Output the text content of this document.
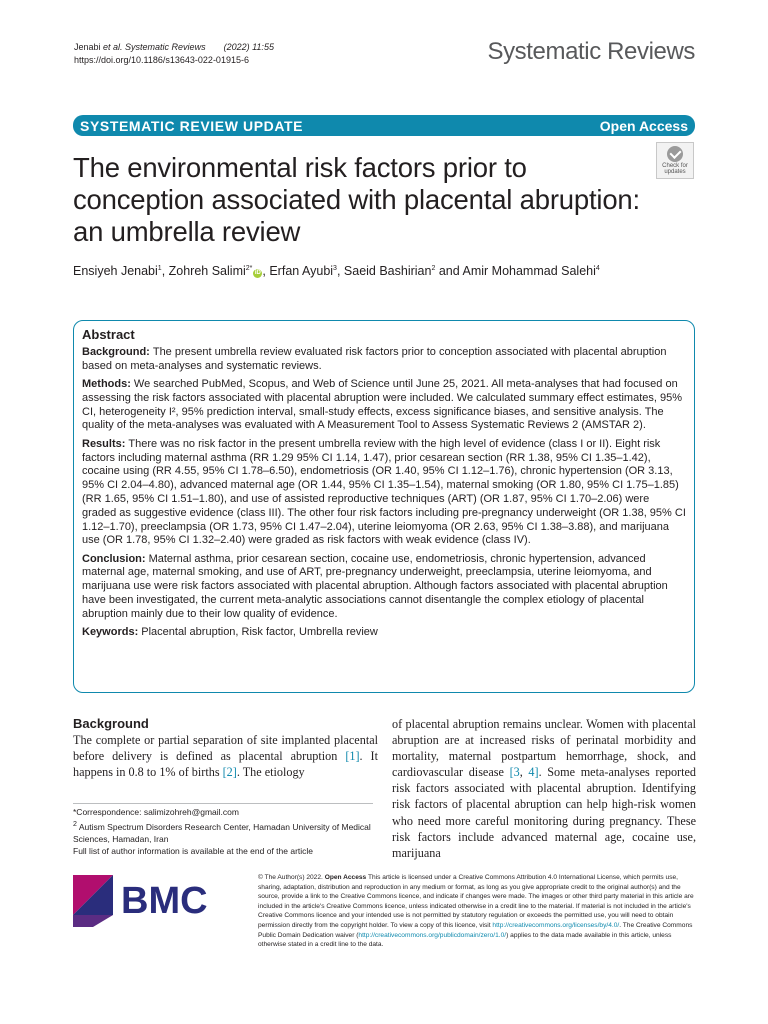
Jenabi et al. Systematic Reviews (2022) 11:55
https://doi.org/10.1186/s13643-022-01915-6	Systematic Reviews
SYSTEMATIC REVIEW UPDATE	Open Access
Check for
updates
The environmental risk factors prior to conception associated with placental abruption: an umbrella review
Ensiyeh Jenabi$^1$, Zohreh Salimi$^{2*}$iD , Erfan Ayubi$^3$, Saeid Bashirian$^2$ and Amir Mohammad Salehi$^4$
Abstract

Background: The present umbrella review evaluated risk factors prior to conception associated with placental abruption based on meta-analyses and systematic reviews.

Methods: We searched PubMed, Scopus, and Web of Science until June 25, 2021. All meta-analyses that had focused on assessing the risk factors associated with placental abruption were included. We calculated summary effect estimates, 95% CI, heterogeneity I², 95% prediction interval, small-study effects, excess significance biases, and sensitive analysis. The quality of the meta-analyses was evaluated with A Measurement Tool to Assess Systematic Reviews 2 (AMSTAR 2).

Results: There was no risk factor in the present umbrella review with the high level of evidence (class I or II). Eight risk factors including maternal asthma (RR 1.29 95% CI 1.14, 1.47), prior cesarean section (RR 1.38, 95% CI 1.35–1.42), cocaine using (RR 4.55, 95% CI 1.78–6.50), endometriosis (OR 1.40, 95% CI 1.12–1.76), chronic hypertension (OR 3.13, 95% CI 2.04–4.80), advanced maternal age (OR 1.44, 95% CI 1.35–1.54), maternal smoking (OR 1.80, 95% CI 1.75–1.85) (RR 1.65, 95% CI 1.51–1.80), and use of assisted reproductive techniques (ART) (OR 1.87, 95% CI 1.70–2.06) were graded as suggestive evidence (class III). The other four risk factors including pre-pregnancy underweight (OR 1.38, 95% CI 1.12–1.70), preeclampsia (OR 1.73, 95% CI 1.47–2.04), uterine leiomyoma (OR 2.63, 95% CI 1.38–3.88), and marijuana use (OR 1.78, 95% CI 1.32–2.40) were graded as risk factors with weak evidence (class IV).

Conclusion: Maternal asthma, prior cesarean section, cocaine use, endometriosis, chronic hypertension, advanced maternal age, maternal smoking, and use of ART, pre-pregnancy underweight, preeclampsia, uterine leiomyoma, and marijuana use were risk factors associated with placental abruption. Although factors associated with placental abruption have been investigated, the current meta-analytic associations cannot disentangle the complex etiology of placental abruption mainly due to their low quality of evidence.

Keywords: Placental abruption, Risk factor, Umbrella review

Background

The complete or partial separation of site implanted placental before delivery is defined as placental abruption [1]. It happens in 0.8 to 1% of births [2]. The etiology

of placental abruption remains unclear. Women with placental abruption are at increased risks of perinatal morbidity and mortality, maternal postpartum hemorrhage, shock, and cardiovascular disease [3, 4]. Some meta-analyses reported risk factors associated with placental abruption. Identifying risk factors of placental abruption can help high-risk women who need more careful monitoring during pregnancy. These risk factors include advanced maternal age, cocaine use, marijuana

*Correspondence: salimizohreh@gmail.com

$^2$ Autism Spectrum Disorders Research Center, Hamadan University of Medical Sciences, Hamadan, Iran

Full list of author information is available at the end of the article

BMC

© The Author(s) 2022. Open Access This article is licensed under a Creative Commons Attribution 4.0 International License, which permits use, sharing, adaptation, distribution and reproduction in any medium or format, as long as you give appropriate credit to the original author(s) and the source, provide a link to the Creative Commons licence, and indicate if changes were made. The images or other third party material in this article are included in the article's Creative Commons licence, unless indicated otherwise in a credit line to the material. If material is not included in the article's Creative Commons licence and your intended use is not permitted by statutory regulation or exceeds the permitted use, you will need to obtain permission directly from the copyright holder. To view a copy of this licence, visit http://creativecommons.org/licenses/by/4.0/. The Creative Commons Public Domain Dedication waiver (http://creativecommons.org/publicdomain/zero/1.0/) applies to the data made available in this article, unless otherwise stated in a credit line to the data.
